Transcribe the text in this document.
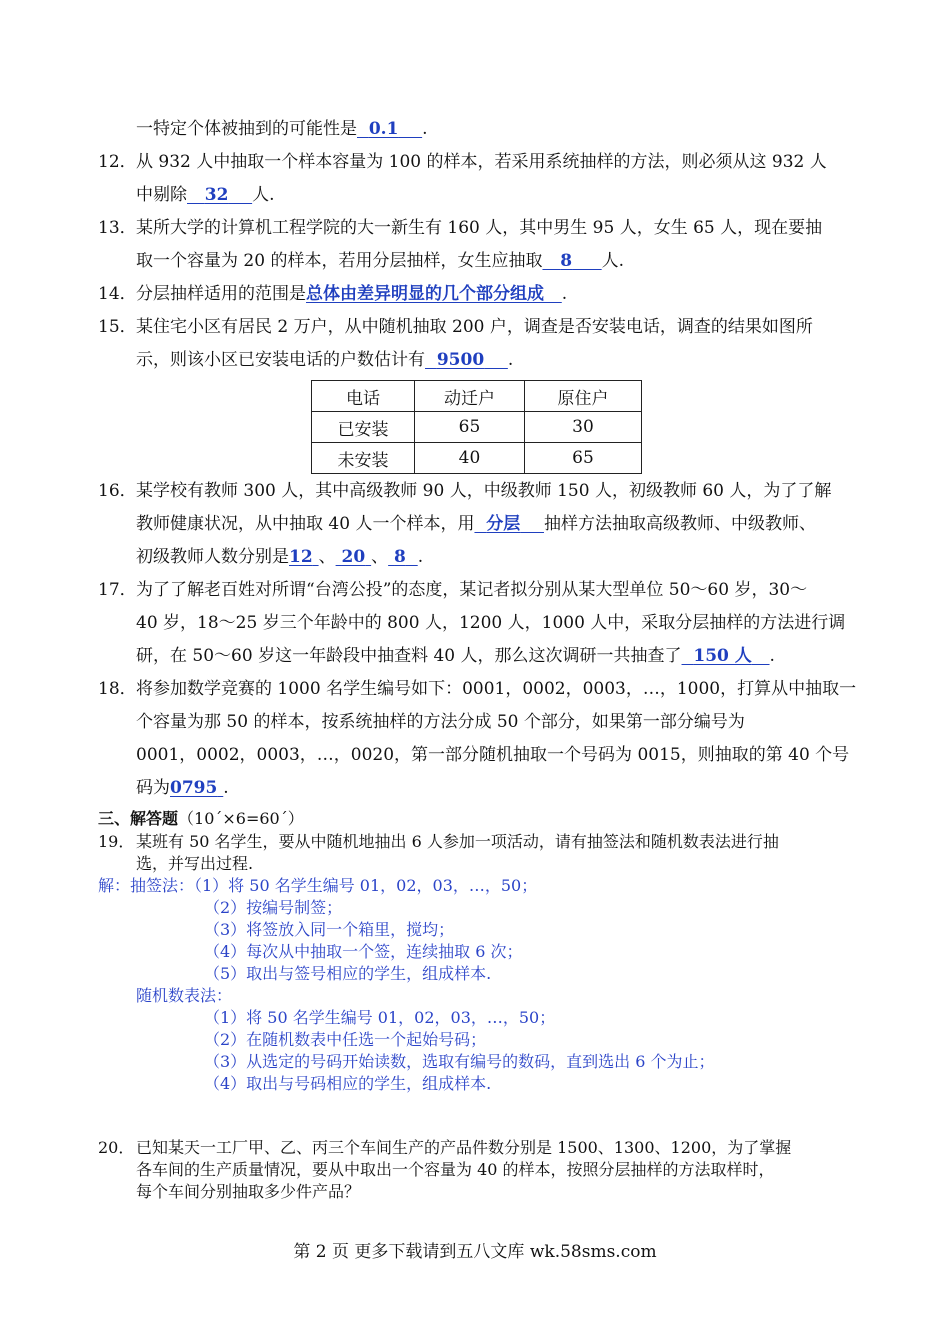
一特定个体被抽到的可能性是 0.1 .
12．从 932 人中抽取一个样本容量为 100 的样本，若采用系统抽样的方法，则必须从这 932 人
中剔除 32 人.
13．某所大学的计算机工程学院的大一新生有 160 人，其中男生 95 人，女生 65 人，现在要抽
取一个容量为 20 的样本，若用分层抽样，女生应抽取 8 人.
14．分层抽样适用的范围是总体由差异明显的几个部分组成 .
15．某住宅小区有居民 2 万户，从中随机抽取 200 户，调查是否安装电话，调查的结果如图所
示，则该小区已安装电话的户数估计有 9500 .
电话	动迁户	原住户
已安装	65	30
未安装	40	65
16．某学校有教师 300 人，其中高级教师 90 人，中级教师 150 人，初级教师 60 人，为了了解
教师健康状况，从中抽取 40 人一个样本，用 分层 抽样方法抽取高级教师、中级教师、
初级教师人数分别是12 、 20 、 8 .
17．为了了解老百姓对所谓“台湾公投”的态度，某记者拟分别从某大型单位 50～60 岁，30～
40 岁，18～25 岁三个年龄中的 800 人，1200 人，1000 人中，采取分层抽样的方法进行调
研，在 50～60 岁这一年龄段中抽查料 40 人，那么这次调研一共抽查了 150 人 .
18．将参加数学竞赛的 1000 名学生编号如下：0001，0002，0003，…，1000，打算从中抽取一
个容量为那 50 的样本，按系统抽样的方法分成 50 个部分，如果第一部分编号为
0001，0002，0003，…，0020，第一部分随机抽取一个号码为 0015，则抽取的第 40 个号
码为0795 .
三、解答题（10´×6=60´）
19． 某班有 50 名学生，要从中随机地抽出 6 人参加一项活动，请有抽签法和随机数表法进行抽
选，并写出过程.
解：抽签法：（1）将 50 名学生编号 01，02，03，…，50；
（2）按编号制签；
（3）将签放入同一个箱里，搅均；
（4）每次从中抽取一个签，连续抽取 6 次；
（5）取出与签号相应的学生，组成样本.
随机数表法：
（1）将 50 名学生编号 01，02，03，…，50；
（2）在随机数表中任选一个起始号码；
（3）从选定的号码开始读数，选取有编号的数码，直到选出 6 个为止；
（4）取出与号码相应的学生，组成样本.
20． 已知某天一工厂甲、乙、丙三个车间生产的产品件数分别是 1500、1300、1200，为了掌握
各车间的生产质量情况，要从中取出一个容量为 40 的样本，按照分层抽样的方法取样时，
每个车间分别抽取多少件产品？
第 2 页 更多下载请到五八文库 wk.58sms.com
